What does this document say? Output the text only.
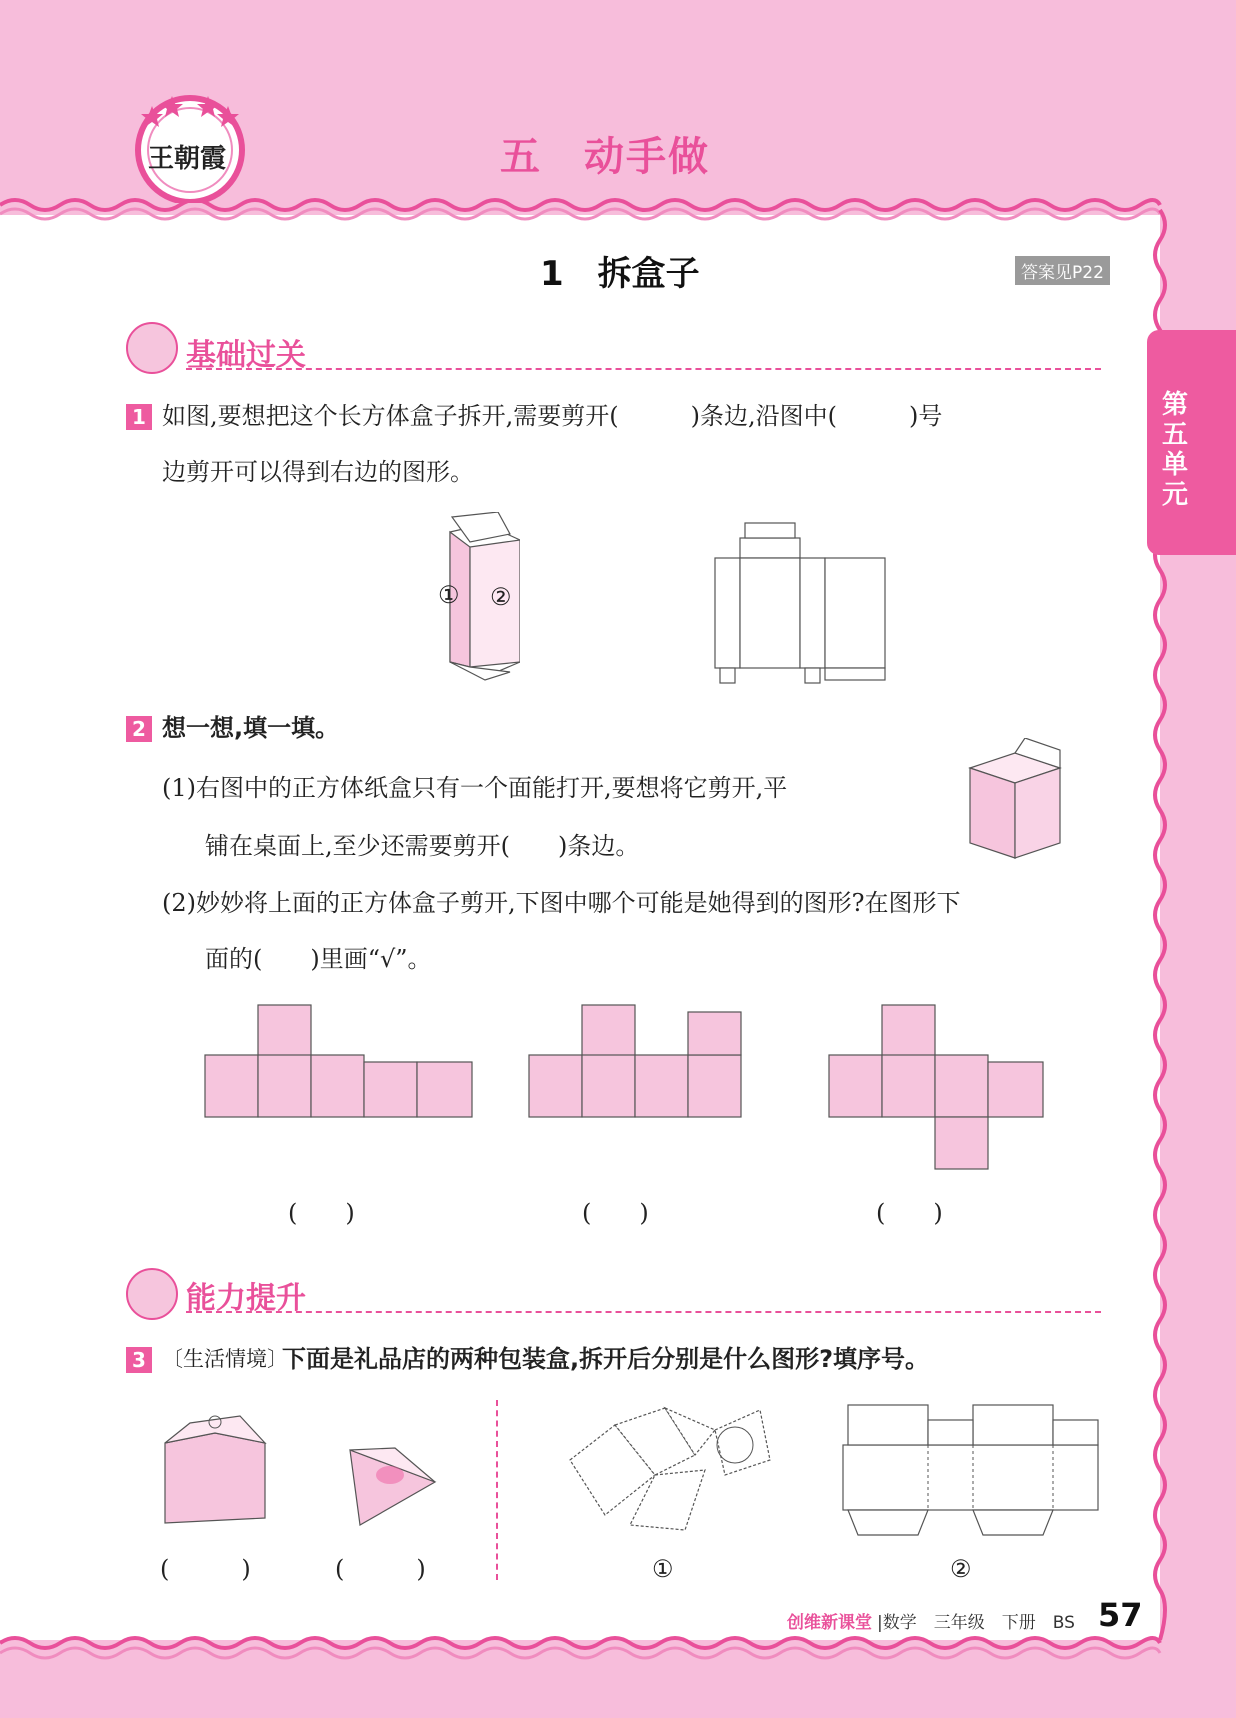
王朝霞	五　动手做
第五单元
1　拆盒子	答案见P22
基础过关
1 如图,要想把这个长方体盒子拆开,需要剪开(　　　)条边,沿图中(　　　)号
边剪开可以得到右边的图形。
① ②
2 想一想,填一填。
(1)右图中的正方体纸盒只有一个面能打开,要想将它剪开,平
铺在桌面上,至少还需要剪开(　　)条边。
(2)妙妙将上面的正方体盒子剪开,下图中哪个可能是她得到的图形?在图形下
面的(　　)里画“√”。
(　　)	(　　)	(　　)
能力提升
3 〔生活情境〕
下面是礼品店的两种包装盒,拆开后分别是什么图形?填序号。
(　　　)	(　　　)	①	②
创维新课堂 |数学　三年级　下册　BS 57
